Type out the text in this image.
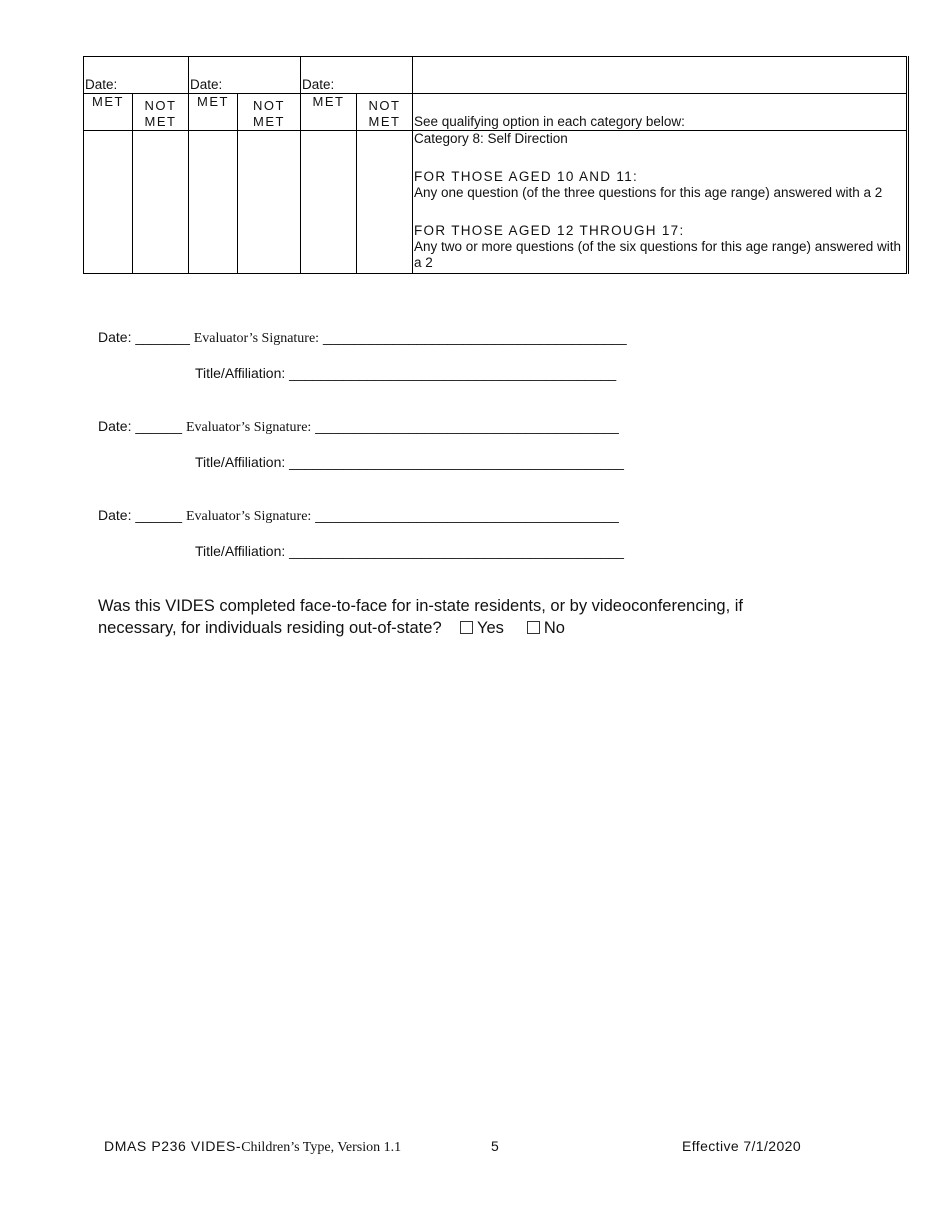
Date:		Date:		Date:		
MET	NOT MET	MET	NOT MET	MET	NOT MET	See qualifying option in each category below:

						Category 8: Self Direction

FOR THOSE AGED 10 AND 11:

Any one question (of the three questions for this age range) answered with a 2

FOR THOSE AGED 12 THROUGH 17:

Any two or more questions (of the six questions for this age range) answered with a 2

Date: _______ Evaluator’s Signature: _______________________________________
Title/Affiliation: __________________________________________
Date: ______ Evaluator’s Signature: _______________________________________
Title/Affiliation: ___________________________________________
Date: ______ Evaluator’s Signature: _______________________________________
Title/Affiliation: ___________________________________________
Was this VIDES completed face-to-face for in-state residents, or by videoconferencing, if
necessary, for individuals residing out-of-state? Yes No
DMAS P236 VIDES-Children’s Type, Version 1.1	5	Effective 7/1/2020
